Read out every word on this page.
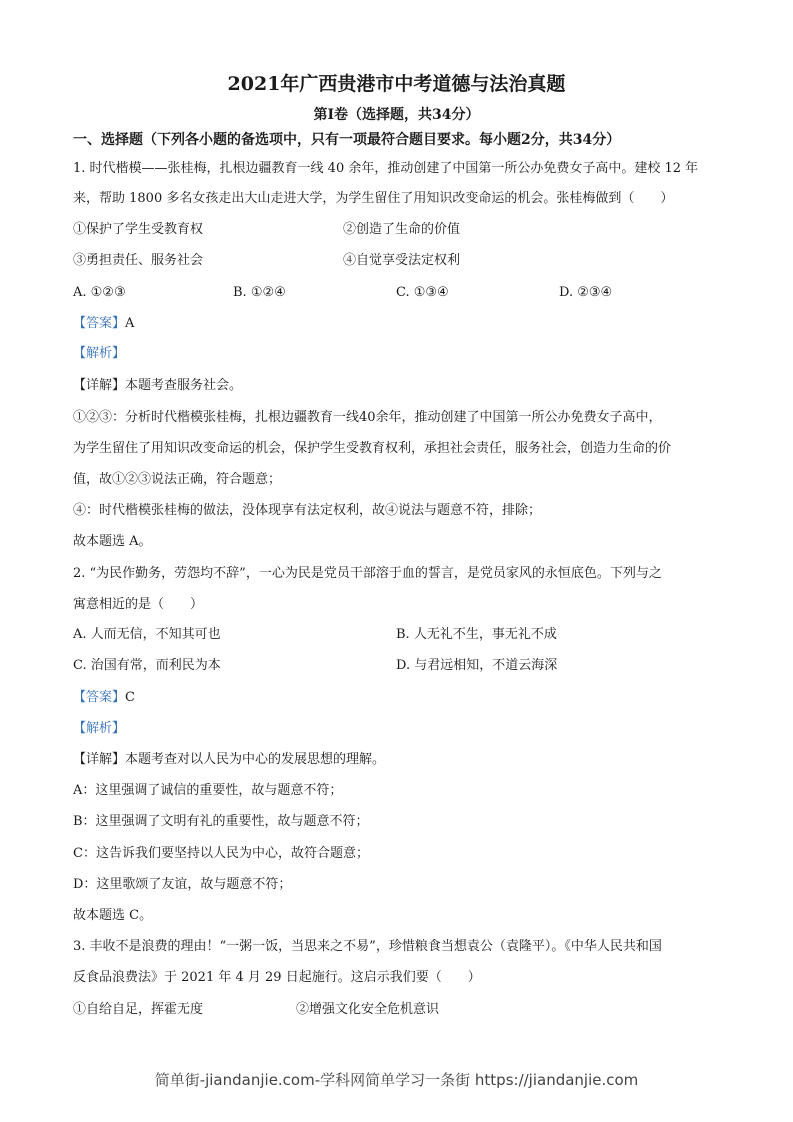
2021年广西贵港市中考道德与法治真题
第Ⅰ卷（选择题，共34分）
一、选择题（下列各小题的备选项中，只有一项最符合题目要求。每小题2分，共34分）
1. 时代楷模——张桂梅，扎根边疆教育一线 40 余年，推动创建了中国第一所公办免费女子高中。建校 12 年
来，帮助 1800 多名女孩走出大山走进大学，为学生留住了用知识改变命运的机会。张桂梅做到（　　）
①保护了学生受教育权	②创造了生命的价值
③勇担责任、服务社会	④自觉享受法定权利
A. ①②③	B. ①②④	C. ①③④	D. ②③④
【答案】A
【解析】
【详解】本题考查服务社会。
①②③：分析时代楷模张桂梅，扎根边疆教育一线40余年，推动创建了中国第一所公办免费女子高中，
为学生留住了用知识改变命运的机会，保护学生受教育权利，承担社会责任，服务社会，创造力生命的价
值，故①②③说法正确，符合题意；
④：时代楷模张桂梅的做法，没体现享有法定权利，故④说法与题意不符，排除；
故本题选 A。
2. “为民作勤务，劳怨均不辞”，一心为民是党员干部溶于血的誓言，是党员家风的永恒底色。下列与之
寓意相近的是（　　）
A. 人而无信，不知其可也	B. 人无礼不生，事无礼不成
C. 治国有常，而利民为本	D. 与君远相知，不道云海深
【答案】C
【解析】
【详解】本题考查对以人民为中心的发展思想的理解。
A：这里强调了诚信的重要性，故与题意不符；
B：这里强调了文明有礼的重要性，故与题意不符；
C：这告诉我们要坚持以人民为中心，故符合题意；
D：这里歌颂了友谊，故与题意不符；
故本题选 C。
3. 丰收不是浪费的理由！“一粥一饭，当思来之不易”，珍惜粮食当想袁公（袁隆平）。《中华人民共和国
反食品浪费法》于 2021 年 4 月 29 日起施行。这启示我们要（　　）
①自给自足，挥霍无度	②增强文化安全危机意识
简单街-jiandanjie.com-学科网简单学习一条街 https://jiandanjie.com
